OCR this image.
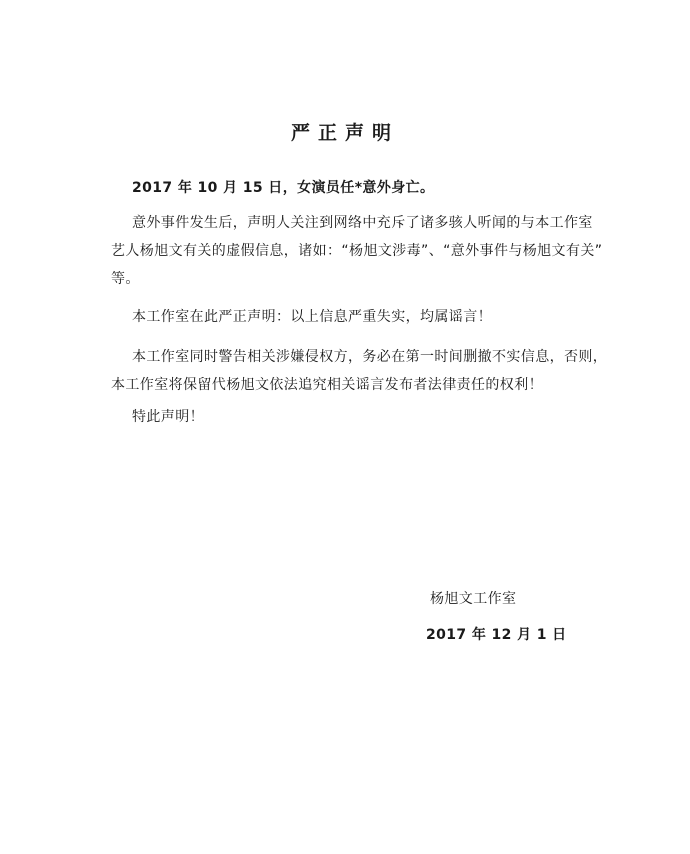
严正声明
2017 年 10 月 15 日，女演员任*意外身亡。
意外事件发生后，声明人关注到网络中充斥了诸多骇人听闻的与本工作室
艺人杨旭文有关的虚假信息，诸如：“杨旭文涉毒”、“意外事件与杨旭文有关”
等。
本工作室在此严正声明：以上信息严重失实，均属谣言！
本工作室同时警告相关涉嫌侵权方，务必在第一时间删撤不实信息，否则，
本工作室将保留代杨旭文依法追究相关谣言发布者法律责任的权利！
特此声明！
杨旭文工作室
2017 年 12 月 1 日
